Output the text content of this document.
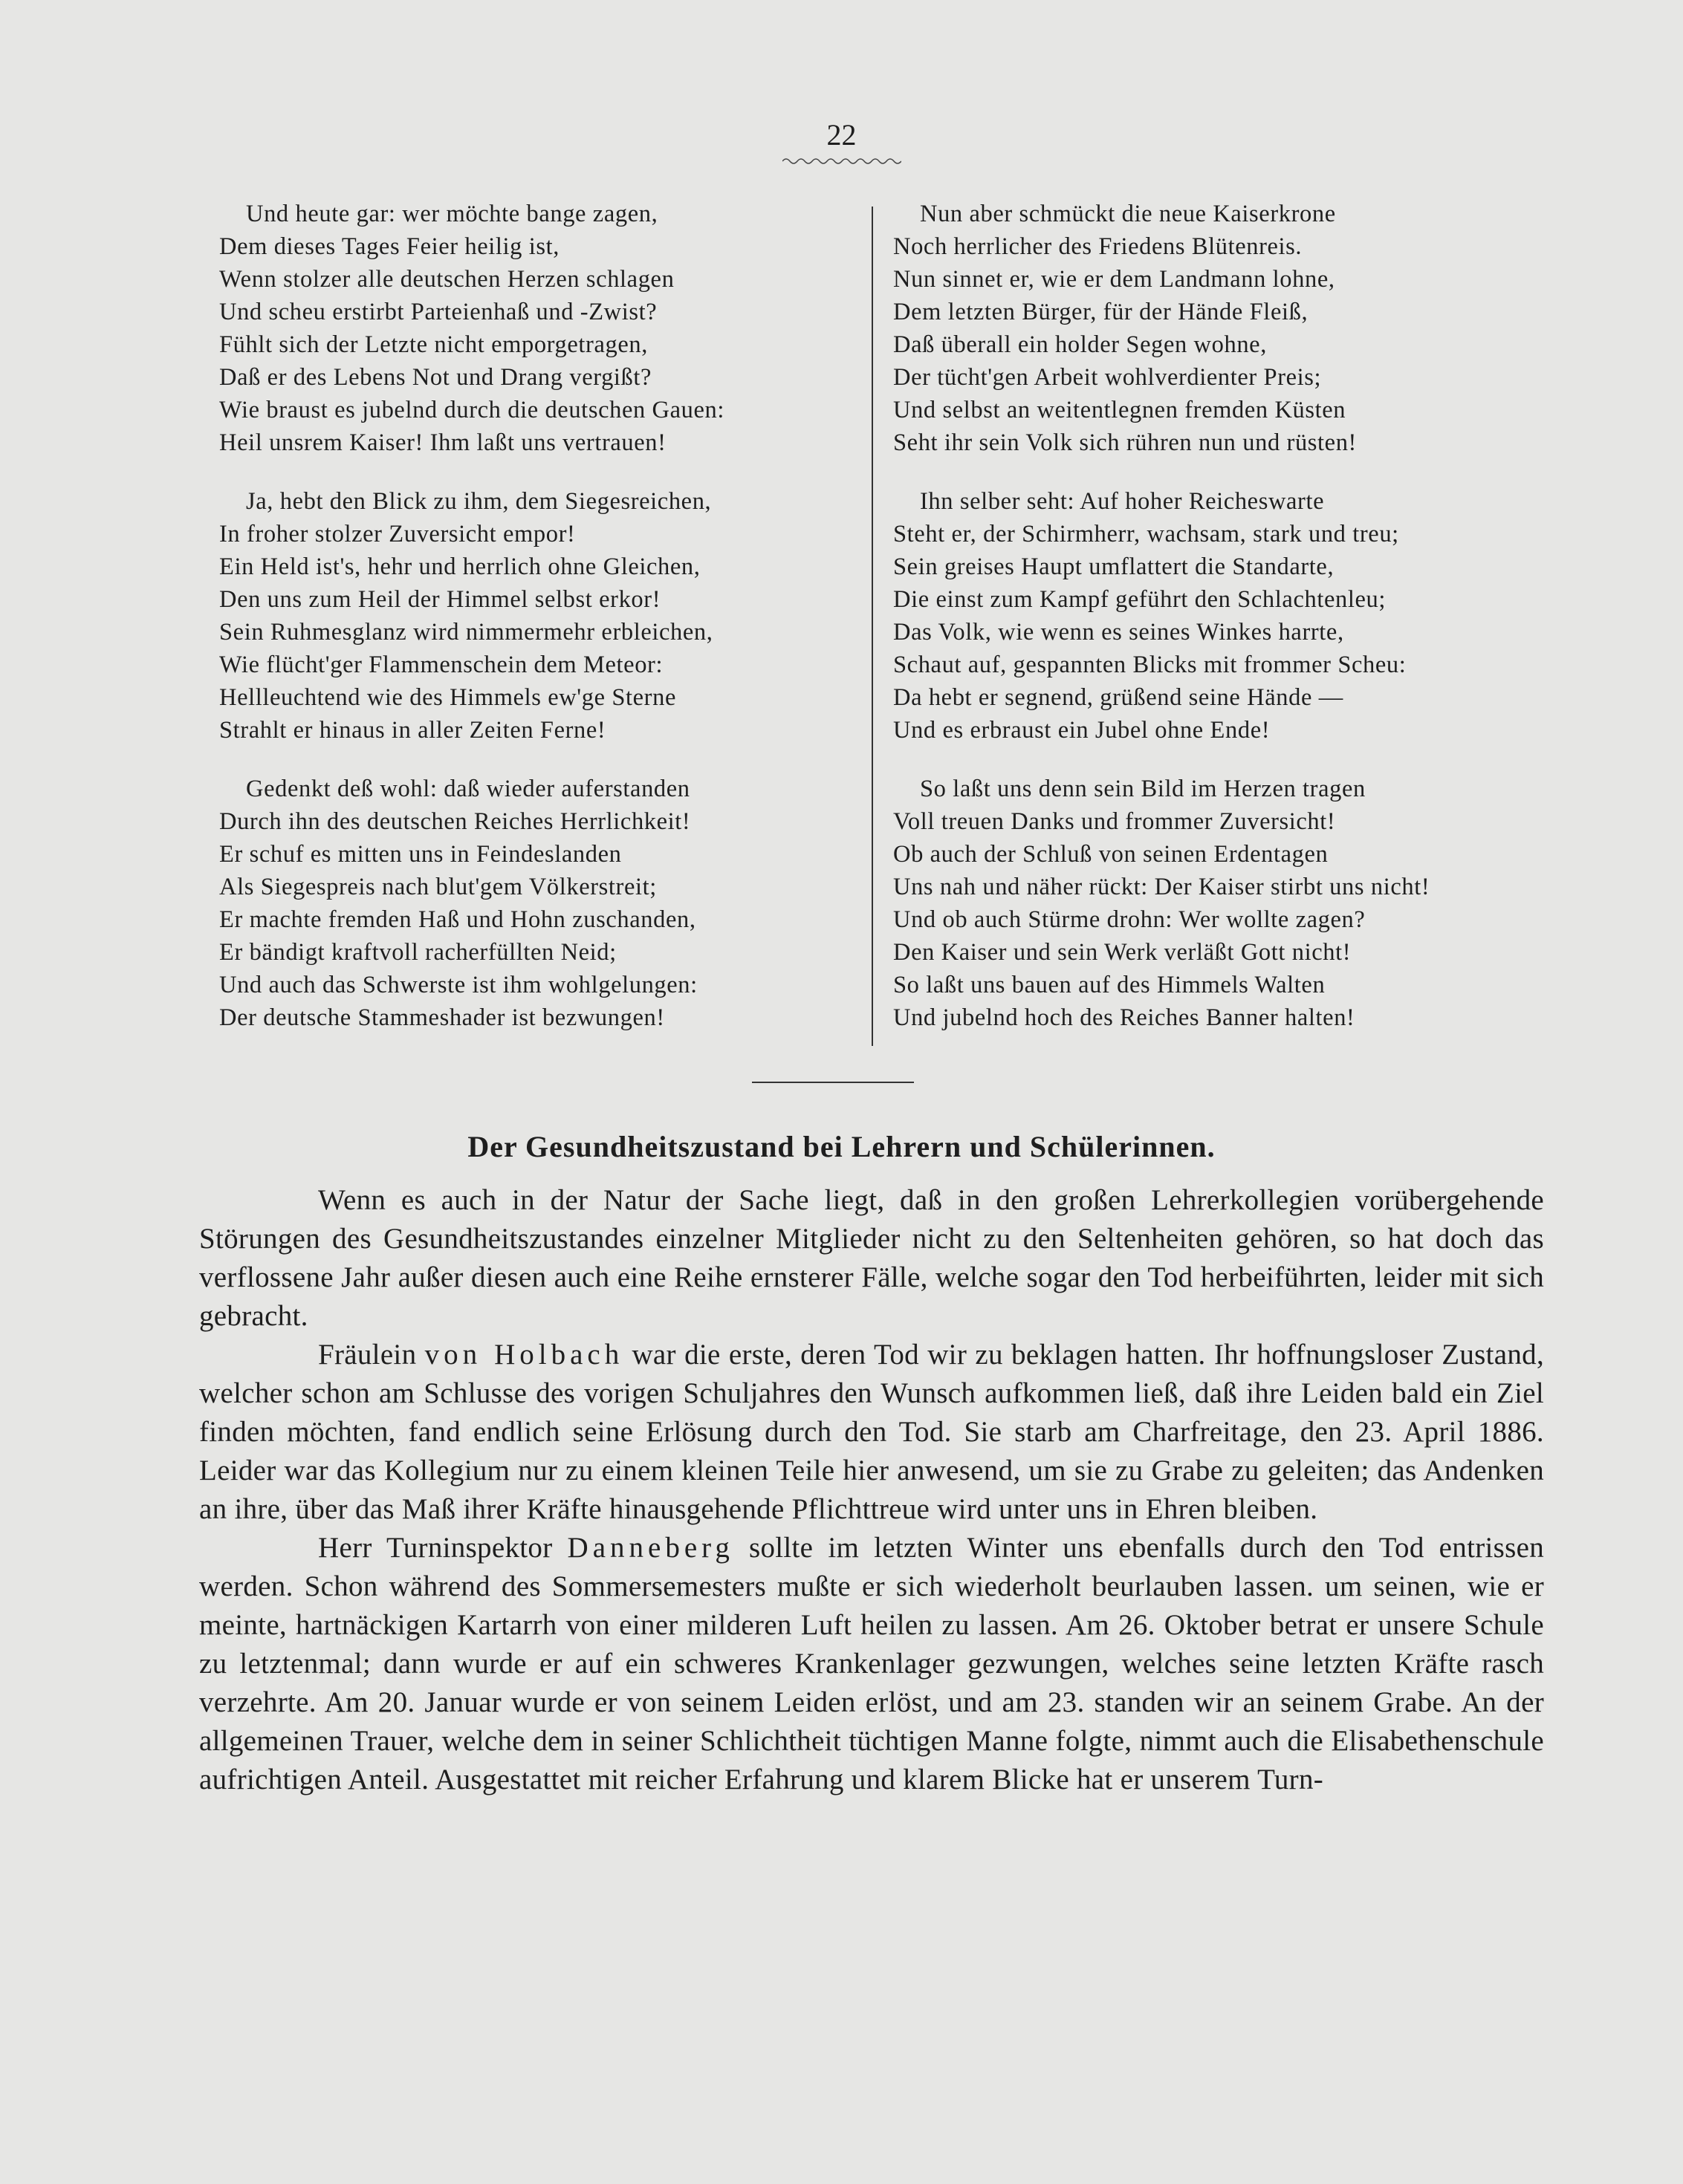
22
Und heute gar: wer möchte bange zagen,
Dem dieses Tages Feier heilig ist,
Wenn stolzer alle deutschen Herzen schlagen
Und scheu erstirbt Parteienhaß und -Zwist?
Fühlt sich der Letzte nicht emporgetragen,
Daß er des Lebens Not und Drang vergißt?
Wie braust es jubelnd durch die deutschen Gauen:
Heil unsrem Kaiser! Ihm laßt uns vertrauen!
Ja, hebt den Blick zu ihm, dem Siegesreichen,
In froher stolzer Zuversicht empor!
Ein Held ist's, hehr und herrlich ohne Gleichen,
Den uns zum Heil der Himmel selbst erkor!
Sein Ruhmesglanz wird nimmermehr erbleichen,
Wie flücht'ger Flammenschein dem Meteor:
Hellleuchtend wie des Himmels ew'ge Sterne
Strahlt er hinaus in aller Zeiten Ferne!
Gedenkt deß wohl: daß wieder auferstanden
Durch ihn des deutschen Reiches Herrlichkeit!
Er schuf es mitten uns in Feindeslanden
Als Siegespreis nach blut'gem Völkerstreit;
Er machte fremden Haß und Hohn zuschanden,
Er bändigt kraftvoll racherfüllten Neid;
Und auch das Schwerste ist ihm wohlgelungen:
Der deutsche Stammeshader ist bezwungen!
Nun aber schmückt die neue Kaiserkrone
Noch herrlicher des Friedens Blütenreis.
Nun sinnet er, wie er dem Landmann lohne,
Dem letzten Bürger, für der Hände Fleiß,
Daß überall ein holder Segen wohne,
Der tücht'gen Arbeit wohlverdienter Preis;
Und selbst an weitentlegnen fremden Küsten
Seht ihr sein Volk sich rühren nun und rüsten!
Ihn selber seht: Auf hoher Reicheswarte
Steht er, der Schirmherr, wachsam, stark und treu;
Sein greises Haupt umflattert die Standarte,
Die einst zum Kampf geführt den Schlachtenleu;
Das Volk, wie wenn es seines Winkes harrte,
Schaut auf, gespannten Blicks mit frommer Scheu:
Da hebt er segnend, grüßend seine Hände —
Und es erbraust ein Jubel ohne Ende!
So laßt uns denn sein Bild im Herzen tragen
Voll treuen Danks und frommer Zuversicht!
Ob auch der Schluß von seinen Erdentagen
Uns nah und näher rückt: Der Kaiser stirbt uns nicht!
Und ob auch Stürme drohn: Wer wollte zagen?
Den Kaiser und sein Werk verläßt Gott nicht!
So laßt uns bauen auf des Himmels Walten
Und jubelnd hoch des Reiches Banner halten!
Der Gesundheitszustand bei Lehrern und Schülerinnen.

Wenn es auch in der Natur der Sache liegt, daß in den großen Lehrerkollegien vorübergehende Störungen des Gesundheitszustandes einzelner Mitglieder nicht zu den Seltenheiten gehören, so hat doch das verflossene Jahr außer diesen auch eine Reihe ernsterer Fälle, welche sogar den Tod herbeiführten, leider mit sich gebracht.

Fräulein von Holbach war die erste, deren Tod wir zu beklagen hatten. Ihr hoffnungsloser Zustand, welcher schon am Schlusse des vorigen Schuljahres den Wunsch aufkommen ließ, daß ihre Leiden bald ein Ziel finden möchten, fand endlich seine Erlösung durch den Tod. Sie starb am Charfreitage, den 23. April 1886. Leider war das Kollegium nur zu einem kleinen Teile hier anwesend, um sie zu Grabe zu geleiten; das Andenken an ihre, über das Maß ihrer Kräfte hinausgehende Pflichttreue wird unter uns in Ehren bleiben.

Herr Turninspektor Danneberg sollte im letzten Winter uns ebenfalls durch den Tod entrissen werden. Schon während des Sommersemesters mußte er sich wiederholt beurlauben lassen. um seinen, wie er meinte, hartnäckigen Kartarrh von einer milderen Luft heilen zu lassen. Am 26. Oktober betrat er unsere Schule zu letztenmal; dann wurde er auf ein schweres Krankenlager gezwungen, welches seine letzten Kräfte rasch verzehrte. Am 20. Januar wurde er von seinem Leiden erlöst, und am 23. standen wir an seinem Grabe. An der allgemeinen Trauer, welche dem in seiner Schlichtheit tüchtigen Manne folgte, nimmt auch die Elisabethenschule aufrichtigen Anteil. Ausgestattet mit reicher Erfahrung und klarem Blicke hat er unserem Turn-
